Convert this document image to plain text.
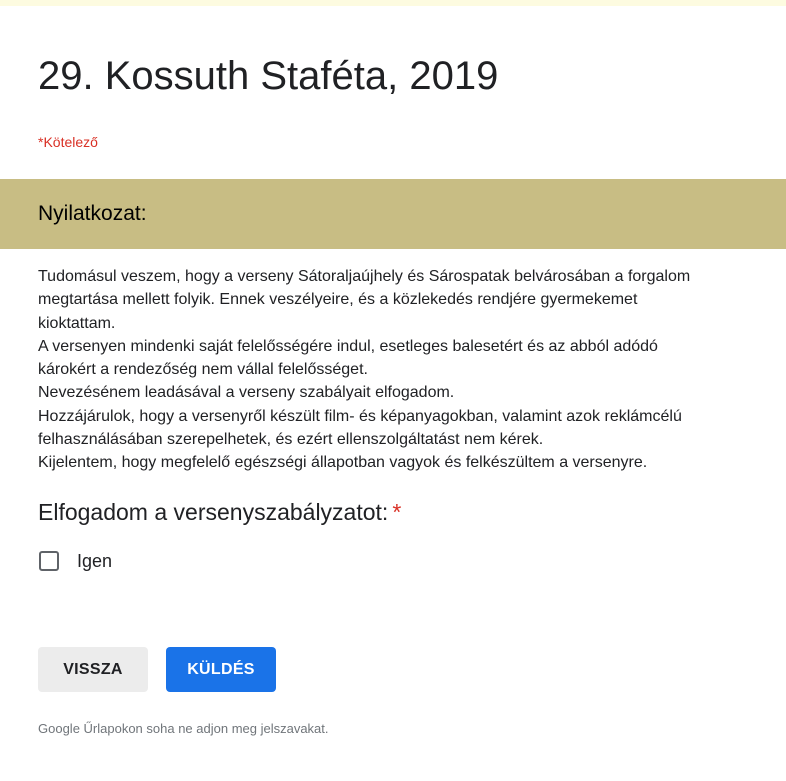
29. Kossuth Staféta, 2019
*Kötelező
Nyilatkozat:
Tudomásul veszem, hogy a verseny Sátoraljaújhely és Sárospatak belvárosában a forgalom
megtartása mellett folyik. Ennek veszélyeire, és a közlekedés rendjére gyermekemet
kioktattam.
A versenyen mindenki saját felelősségére indul, esetleges balesetért és az abból adódó
károkért a rendezőség nem vállal felelősséget.
Nevezésénem leadásával a verseny szabályait elfogadom.
Hozzájárulok, hogy a versenyről készült film- és képanyagokban, valamint azok reklámcélú
felhasználásában szerepelhetek, és ezért ellenszolgáltatást nem kérek.
Kijelentem, hogy megfelelő egészségi állapotban vagyok és felkészültem a versenyre.
Elfogadom a versenyszabályzatot: *
Igen
VISSZA	KÜLDÉS
Google Űrlapokon soha ne adjon meg jelszavakat.
